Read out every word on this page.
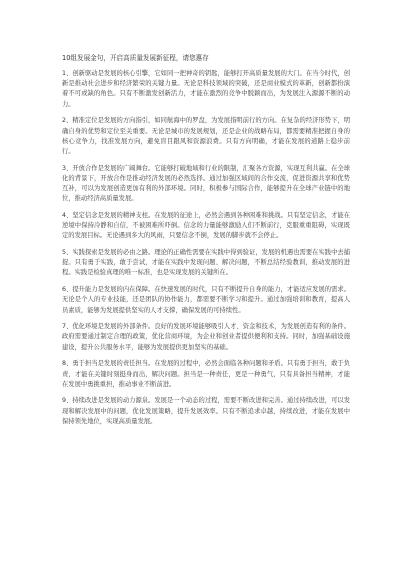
10组发展金句，开启高质量发展新征程，请您惠存

1、创新驱动是发展的核心引擎，它如同一把神奇的钥匙，能够打开高质量发展的大门。在当今时代，创新是推动社会进步和经济繁荣的关键力量。无论是科技领域的突破，还是商业模式的革新，创新都扮演着不可或缺的角色。只有不断激发创新活力，才能在激烈的竞争中脱颖而出，为发展注入源源不断的动力。

2、精准定位是发展的方向指引，如同航海中的罗盘，为发展指明前行的方向。在复杂的经济形势下，明确自身的优势和定位至关重要。无论是城市的发展规划，还是企业的战略布局，都需要精准把握自身的核心竞争力，找准发展方向，避免盲目跟风和资源浪费。只有方向明确，才能在发展的道路上稳步前行。

3、开放合作是发展的广阔舞台。它能够打破地域和行业的限制，汇聚各方资源，实现互利共赢。在全球化的背景下，开放合作是推动经济发展的必然选择。通过加强区域间的合作交流，促进资源共享和优势互补，可以为发展创造更加有利的外部环境。同时，积极参与国际合作，能够提升在全球产业链中的地位，推动经济高质量发展。

4、坚定信念是发展的精神支柱。在发展的征途上，必然会遇到各种困难和挑战。只有坚定信念，才能在逆境中保持冷静和自信，不被困难所吓倒。信念的力量能够激励人们不断前行，克服重重阻碍，实现既定的发展目标。无论遇到多大的风雨，只要信念不倒，发展的脚步就不会停止。

5、实践探索是发展的必由之路。理论的正确性需要在实践中得到验证，发展的机遇也需要在实践中去捕捉。只有勇于实践，敢于尝试，才能在实践中发现问题、解决问题，不断总结经验教训，推动发展的进程。实践是检验真理的唯一标准，也是实现发展的关键所在。

6、提升能力是发展的内在保障。在快速发展的时代，只有不断提升自身的能力，才能适应发展的需求。无论是个人的专业技能，还是团队的协作能力，都需要不断学习和提升。通过加强培训和教育，提高人员素质，能够为发展提供坚实的人才支撑，确保发展的可持续性。

7、优化环境是发展的外部条件。良好的发展环境能够吸引人才、资金和技术，为发展创造有利的条件。政府需要通过制定合理的政策，优化营商环境，为企业和创业者提供便利和支持。同时，加强基础设施建设，提升公共服务水平，能够为发展提供更加坚实的基础。

8、勇于担当是发展的责任担当。在发展的过程中，必然会面临各种问题和矛盾。只有勇于担当，敢于负责，才能在关键时刻挺身而出，解决问题。担当是一种责任，更是一种勇气，只有具备担当精神，才能在发展中勇挑重担，推动事业不断前进。

9、持续改进是发展的动力源泉。发展是一个动态的过程，需要不断改进和完善。通过持续改进，可以发现和解决发展中的问题，优化发展策略，提升发展效率。只有不断追求卓越，持续改进，才能在发展中保持领先地位，实现高质量发展。
